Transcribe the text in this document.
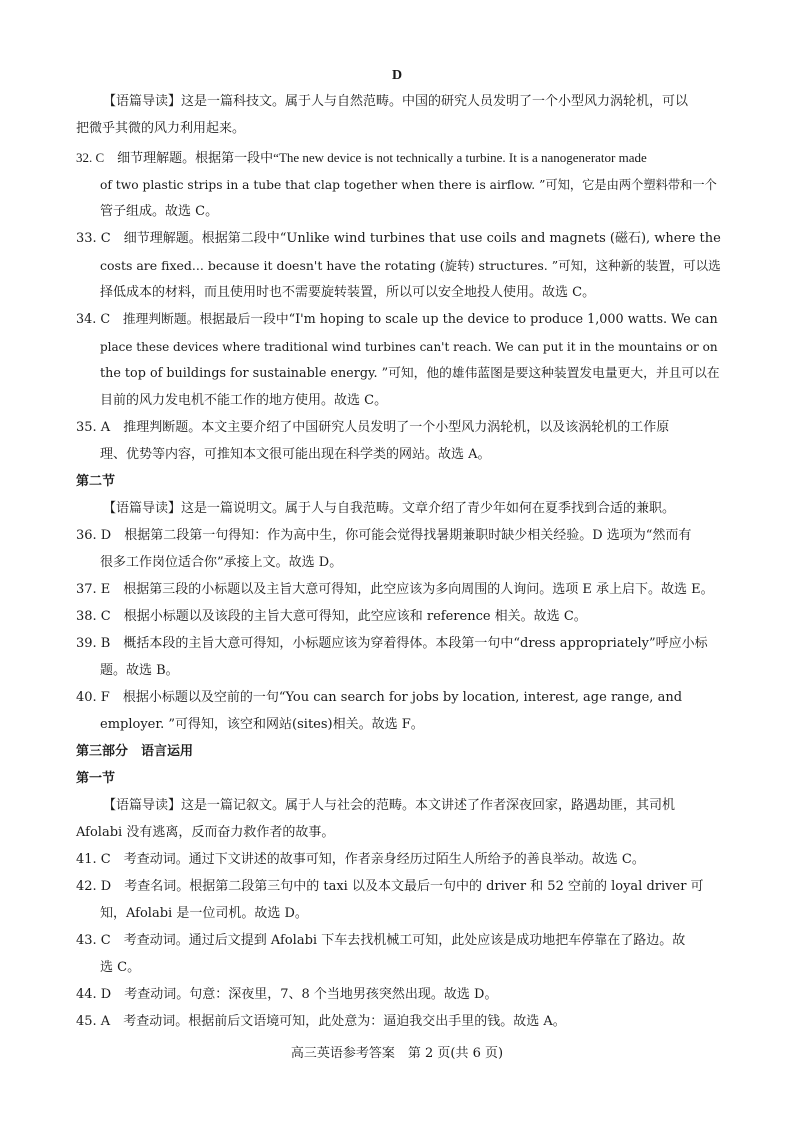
D
【语篇导读】这是一篇科技文。属于人与自然范畴。中国的研究人员发明了一个小型风力涡轮机，可以
把微乎其微的风力利用起来。
32. C　细节理解题。根据第一段中“The new device is not technically a turbine. It is a nanogenerator made
of two plastic strips in a tube that clap together when there is airflow. ”可知，它是由两个塑料带和一个
管子组成。故选 C。
33. C　细节理解题。根据第二段中“Unlike wind turbines that use coils and magnets (磁石), where the
costs are fixed... because it doesn't have the rotating (旋转) structures. ”可知，这种新的装置，可以选
择低成本的材料，而且使用时也不需要旋转装置，所以可以安全地投人使用。故选 C。
34. C　推理判断题。根据最后一段中“I'm hoping to scale up the device to produce 1,000 watts. We can
place these devices where traditional wind turbines can't reach. We can put it in the mountains or on
the top of buildings for sustainable energy. ”可知，他的雄伟蓝图是要这种装置发电量更大，并且可以在
目前的风力发电机不能工作的地方使用。故选 C。
35. A　推理判断题。本文主要介绍了中国研究人员发明了一个小型风力涡轮机，以及该涡轮机的工作原
理、优势等内容，可推知本文很可能出现在科学类的网站。故选 A。
第二节
【语篇导读】这是一篇说明文。属于人与自我范畴。文章介绍了青少年如何在夏季找到合适的兼职。
36. D　根据第二段第一句得知：作为高中生，你可能会觉得找暑期兼职时缺少相关经验。D 选项为“然而有
很多工作岗位适合你”承接上文。故选 D。
37. E　根据第三段的小标题以及主旨大意可得知，此空应该为多向周围的人询问。选项 E 承上启下。故选 E。
38. C　根据小标题以及该段的主旨大意可得知，此空应该和 reference 相关。故选 C。
39. B　概括本段的主旨大意可得知，小标题应该为穿着得体。本段第一句中“dress appropriately”呼应小标
题。故选 B。
40. F　根据小标题以及空前的一句“You can search for jobs by location, interest, age range, and
employer. ”可得知，该空和网站(sites)相关。故选 F。
第三部分　语言运用
第一节
【语篇导读】这是一篇记叙文。属于人与社会的范畴。本文讲述了作者深夜回家，路遇劫匪，其司机
Afolabi 没有逃离，反而奋力救作者的故事。
41. C　考查动词。通过下文讲述的故事可知，作者亲身经历过陌生人所给予的善良举动。故选 C。
42. D　考查名词。根据第二段第三句中的 taxi 以及本文最后一句中的 driver 和 52 空前的 loyal driver 可
知，Afolabi 是一位司机。故选 D。
43. C　考查动词。通过后文提到 Afolabi 下车去找机械工可知，此处应该是成功地把车停靠在了路边。故
选 C。
44. D　考查动词。句意：深夜里，7、8 个当地男孩突然出现。故选 D。
45. A　考查动词。根据前后文语境可知，此处意为：逼迫我交出手里的钱。故选 A。
高三英语参考答案　第 2 页(共 6 页)
